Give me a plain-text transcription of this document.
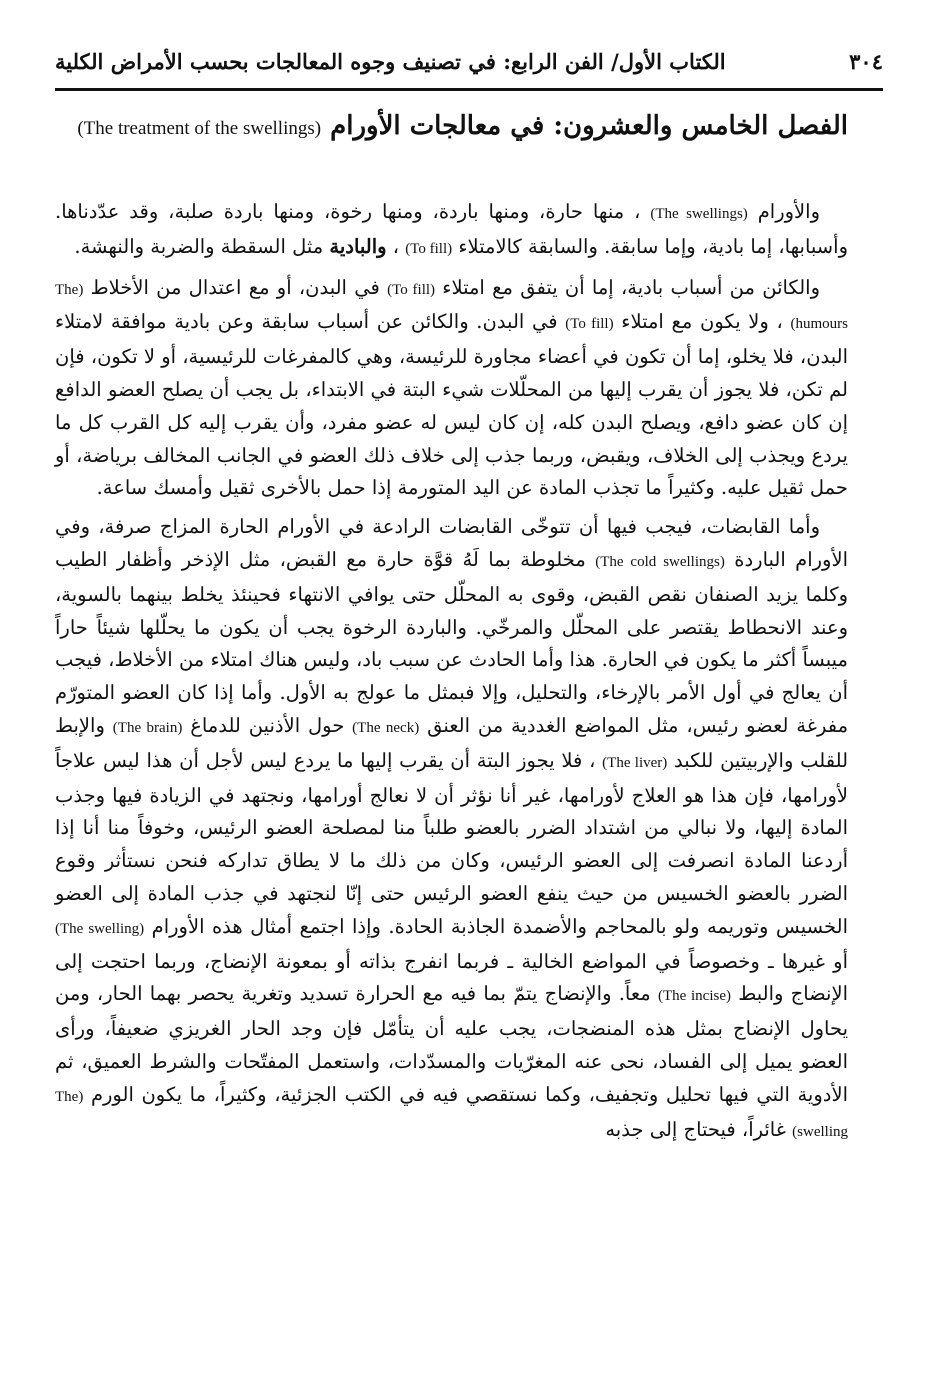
٣٠٤
الكتاب الأول/ الفن الرابع: في تصنيف وجوه المعالجات بحسب الأمراض الكلية
الفصل الخامس والعشرون: في معالجات الأورام (The treatment of the swellings)

والأورام (The swellings) ، منها حارة، ومنها باردة، ومنها رخوة، ومنها باردة صلبة، وقد عدّدناها. وأسبابها، إما بادية، وإما سابقة. والسابقة كالامتلاء (To fill) ، والبادية مثل السقطة والضربة والنهشة.

والكائن من أسباب بادية، إما أن يتفق مع امتلاء (To fill) في البدن، أو مع اعتدال من الأخلاط (The humours) ، ولا يكون مع امتلاء (To fill) في البدن. والكائن عن أسباب سابقة وعن بادية موافقة لامتلاء البدن، فلا يخلو، إما أن تكون في أعضاء مجاورة للرئيسة، وهي كالمفرغات للرئيسية، أو لا تكون، فإن لم تكن، فلا يجوز أن يقرب إليها من المحلّلات شيء البتة في الابتداء، بل يجب أن يصلح العضو الدافع إن كان عضو دافع، ويصلح البدن كله، إن كان ليس له عضو مفرد، وأن يقرب إليه كل القرب كل ما يردع ويجذب إلى الخلاف، ويقبض، وربما جذب إلى خلاف ذلك العضو في الجانب المخالف برياضة، أو حمل ثقيل عليه. وكثيراً ما تجذب المادة عن اليد المتورمة إذا حمل بالأخرى ثقيل وأمسك ساعة.

وأما القابضات، فيجب فيها أن تتوخّى القابضات الرادعة في الأورام الحارة المزاج صرفة، وفي الأورام الباردة (The cold swellings) مخلوطة بما لَهُ قوَّة حارة مع القبض، مثل الإذخر وأظفار الطيب وكلما يزيد الصنفان نقص القبض، وقوى به المحلّل حتى يوافي الانتهاء فحينئذ يخلط بينهما بالسوية، وعند الانحطاط يقتصر على المحلّل والمرخّي. والباردة الرخوة يجب أن يكون ما يحلّلها شيئاً حاراً ميبساً أكثر ما يكون في الحارة. هذا وأما الحادث عن سبب باد، وليس هناك امتلاء من الأخلاط، فيجب أن يعالج في أول الأمر بالإرخاء، والتحليل، وإلا فبمثل ما عولج به الأول. وأما إذا كان العضو المتورّم مفرغة لعضو رئيس، مثل المواضع الغددية من العنق (The neck) حول الأذنين للدماغ (The brain) والإبط للقلب والإربيتين للكبد (The liver) ، فلا يجوز البتة أن يقرب إليها ما يردع ليس لأجل أن هذا ليس علاجاً لأورامها، فإن هذا هو العلاج لأورامها، غير أنا نؤثر أن لا نعالج أورامها، ونجتهد في الزيادة فيها وجذب المادة إليها، ولا نبالي من اشتداد الضرر بالعضو طلباً منا لمصلحة العضو الرئيس، وخوفاً منا أنا إذا أردعنا المادة انصرفت إلى العضو الرئيس، وكان من ذلك ما لا يطاق تداركه فنحن نستأثر وقوع الضرر بالعضو الخسيس من حيث ينفع العضو الرئيس حتى إنّا لنجتهد في جذب المادة إلى العضو الخسيس وتوريمه ولو بالمحاجم والأضمدة الجاذبة الحادة. وإذا اجتمع أمثال هذه الأورام (The swelling) أو غيرها ـ وخصوصاً في المواضع الخالية ـ فربما انفرج بذاته أو بمعونة الإنضاج، وربما احتجت إلى الإنضاج والبط (The incise) معاً. والإنضاج يتمّ بما فيه مع الحرارة تسديد وتغرية يحصر بهما الحار، ومن يحاول الإنضاج بمثل هذه المنضجات، يجب عليه أن يتأمّل فإن وجد الحار الغريزي ضعيفاً، ورأى العضو يميل إلى الفساد، نحى عنه المغرّيات والمسدّدات، واستعمل المفتّحات والشرط العميق، ثم الأدوية التي فيها تحليل وتجفيف، وكما نستقصي فيه في الكتب الجزئية، وكثيراً، ما يكون الورم (The swelling) غائراً، فيحتاج إلى جذبه
